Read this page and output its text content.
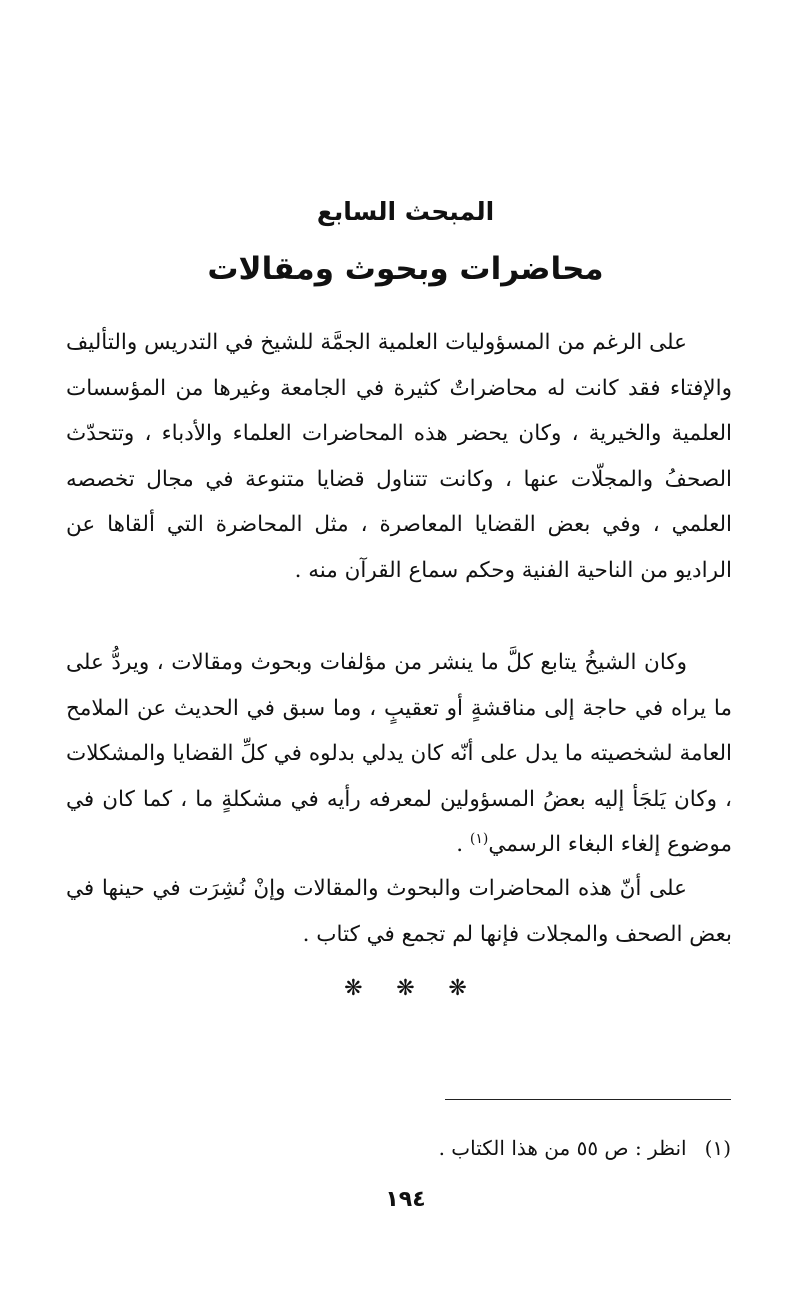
المبحث السابع
محاضرات وبحوث ومقالات

على الرغم من المسؤوليات العلمية الجمَّة للشيخ في التدريس والتأليف والإفتاء فقد كانت له محاضراتٌ كثيرة في الجامعة وغيرها من المؤسسات العلمية والخيرية ، وكان يحضر هذه المحاضرات العلماء والأدباء ، وتتحدّث الصحفُ والمجلّات عنها ، وكانت تتناول قضايا متنوعة في مجال تخصصه العلمي ، وفي بعض القضايا المعاصرة ، مثل المحاضرة التي ألقاها عن الراديو من الناحية الفنية وحكم سماع القرآن منه .

وكان الشيخُ يتابع كلَّ ما ينشر من مؤلفات وبحوث ومقالات ، ويردُّ على ما يراه في حاجة إلى مناقشةٍ أو تعقيبٍ ، وما سبق في الحديث عن الملامح العامة لشخصيته ما يدل على أنّه كان يدلي بدلوه في كلِّ القضايا والمشكلات ، وكان يَلجَأ إليه بعضُ المسؤولين لمعرفه رأيه في مشكلةٍ ما ، كما كان في موضوع إلغاء البغاء الرسمي$^{(١)}$ .

على أنّ هذه المحاضرات والبحوث والمقالات وإنْ نُشِرَت في حينها في بعض الصحف والمجلات فإنها لم تجمع في كتاب .

❋ ❋ ❋

(١)انظر : ص ٥٥ من هذا الكتاب .

١٩٤
